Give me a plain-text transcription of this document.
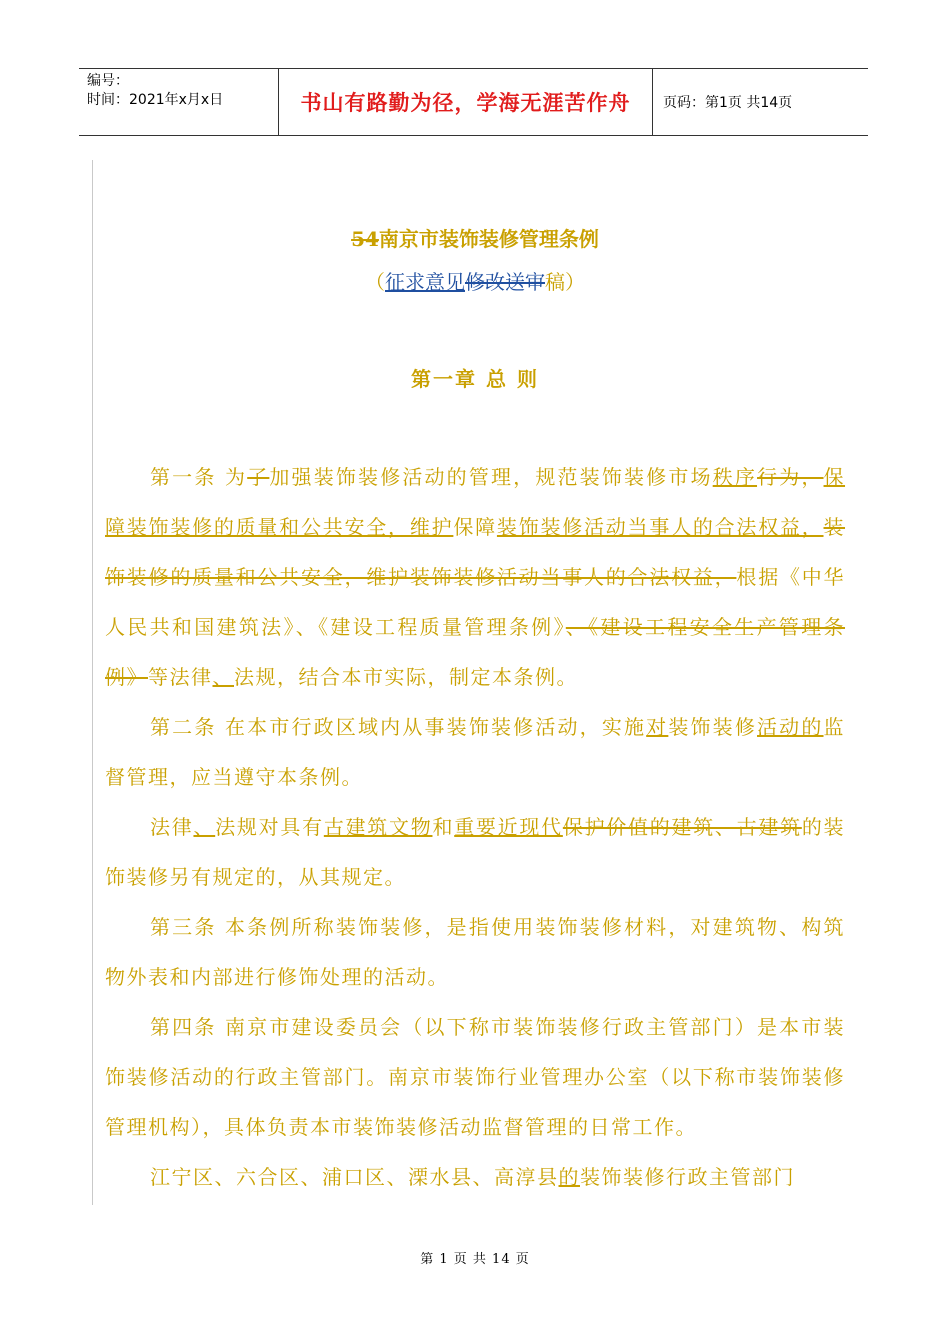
编号：
时间：2021年x月x日	书山有路勤为径，学海无涯苦作舟	页码：第1页 共14页
54南京市装饰装修管理条例
（征求意见修改送审稿）
第一章 总 则
第一条 为了加强装饰装修活动的管理，规范装饰装修市场秩序行为，保障装饰装修的质量和公共安全，维护保障装饰装修活动当事人的合法权益，装饰装修的质量和公共安全，维护装饰装修活动当事人的合法权益，根据《中华人民共和国建筑法》、《建设工程质量管理条例》、《建设工程安全生产管理条例》等法律、法规，结合本市实际，制定本条例。
第二条 在本市行政区域内从事装饰装修活动，实施对装饰装修活动的监督管理，应当遵守本条例。
法律、法规对具有古建筑文物和重要近现代保护价值的建筑、古建筑的装饰装修另有规定的，从其规定。
第三条 本条例所称装饰装修，是指使用装饰装修材料，对建筑物、构筑物外表和内部进行修饰处理的活动。
第四条 南京市建设委员会（以下称市装饰装修行政主管部门）是本市装饰装修活动的行政主管部门。南京市装饰行业管理办公室（以下称市装饰装修管理机构），具体负责本市装饰装修活动监督管理的日常工作。
江宁区、六合区、浦口区、溧水县、高淳县的装饰装修行政主管部门
第 1 页 共 14 页
